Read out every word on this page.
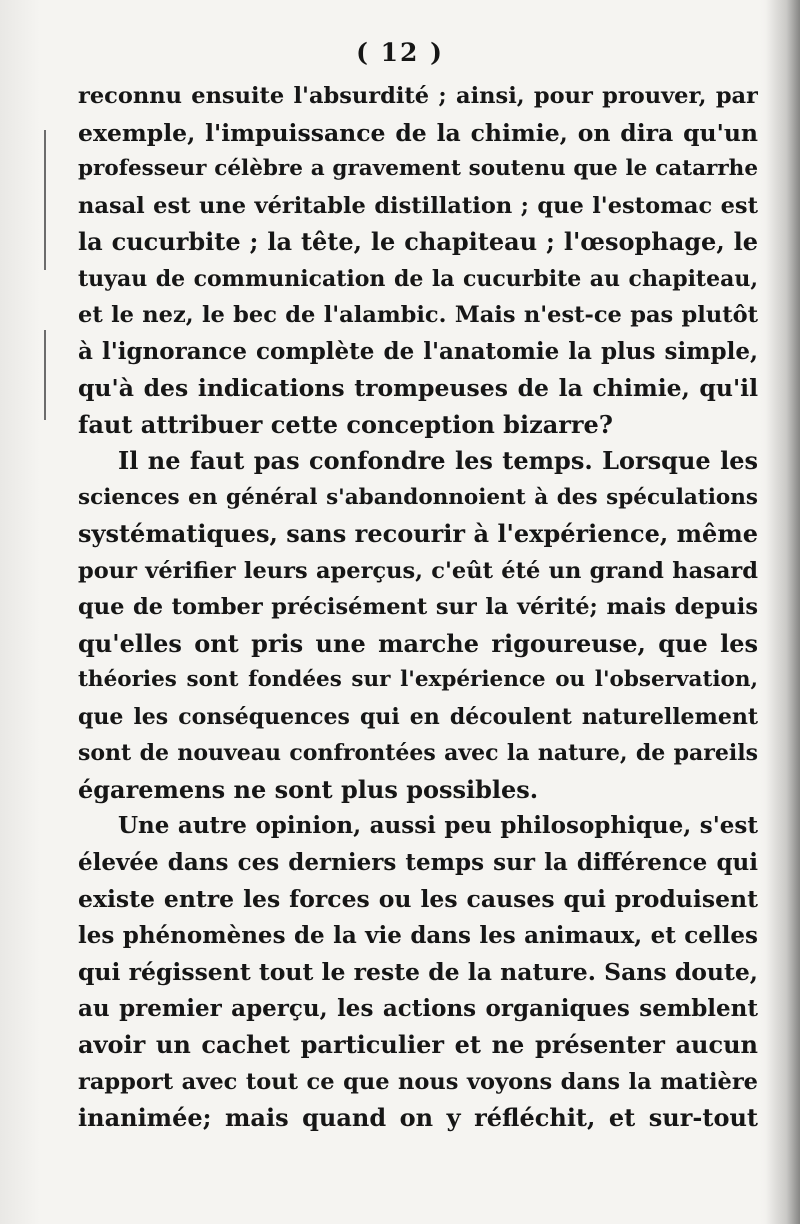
( 12 )
reconnu ensuite l'absurdité ; ainsi, pour prouver, par
exemple, l'impuissance de la chimie, on dira qu'un
professeur célèbre a gravement soutenu que le catarrhe
nasal est une véritable distillation ; que l'estomac est
la cucurbite ; la tête, le chapiteau ; l'œsophage, le
tuyau de communication de la cucurbite au chapiteau,
et le nez, le bec de l'alambic. Mais n'est-ce pas plutôt
à l'ignorance complète de l'anatomie la plus simple,
qu'à des indications trompeuses de la chimie, qu'il
faut attribuer cette conception bizarre?
Il ne faut pas confondre les temps. Lorsque les
sciences en général s'abandonnoient à des spéculations
systématiques, sans recourir à l'expérience, même
pour vérifier leurs aperçus, c'eût été un grand hasard
que de tomber précisément sur la vérité; mais depuis
qu'elles ont pris une marche rigoureuse, que les
théories sont fondées sur l'expérience ou l'observation,
que les conséquences qui en découlent naturellement
sont de nouveau confrontées avec la nature, de pareils
égaremens ne sont plus possibles.
Une autre opinion, aussi peu philosophique, s'est
élevée dans ces derniers temps sur la différence qui
existe entre les forces ou les causes qui produisent
les phénomènes de la vie dans les animaux, et celles
qui régissent tout le reste de la nature. Sans doute,
au premier aperçu, les actions organiques semblent
avoir un cachet particulier et ne présenter aucun
rapport avec tout ce que nous voyons dans la matière
inanimée; mais quand on y réfléchit, et sur-tout
